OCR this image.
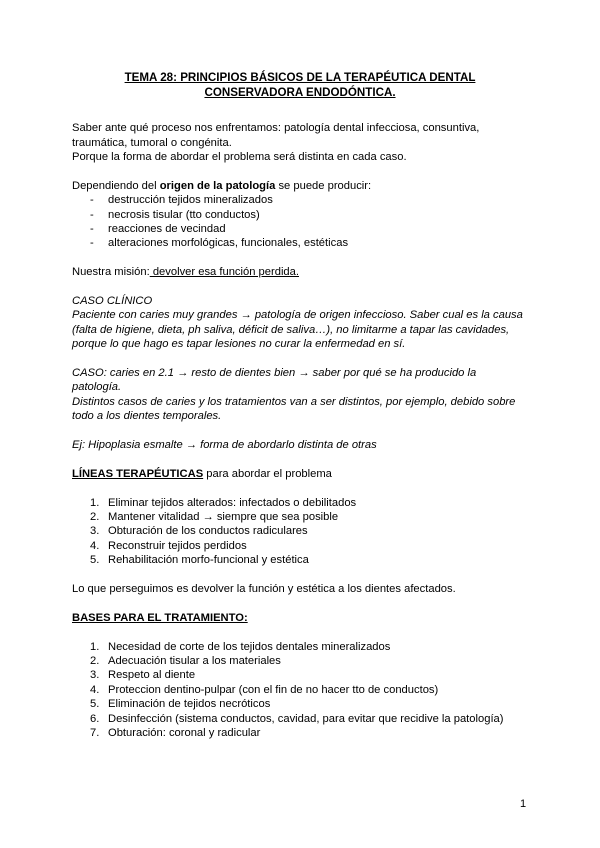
TEMA 28: PRINCIPIOS BÁSICOS DE LA TERAPÉUTICA DENTAL

CONSERVADORA ENDODÓNTICA.

Saber ante qué proceso nos enfrentamos: patología dental infecciosa, consuntiva, traumática, tumoral o congénita.

Porque la forma de abordar el problema será distinta en cada caso.

Dependiendo del origen de la patología se puede producir:

- destrucción tejidos mineralizados
- necrosis tisular (tto conductos)
- reacciones de vecindad
- alteraciones morfológicas, funcionales, estéticas

Nuestra misión: devolver esa función perdida.

CASO CLÍNICO

Paciente con caries muy grandes → patología de origen infeccioso. Saber cual es la causa (falta de higiene, dieta, ph saliva, déficit de saliva…), no limitarme a tapar las cavidades, porque lo que hago es tapar lesiones no curar la enfermedad en sí.

CASO: caries en 2.1 → resto de dientes bien → saber por qué se ha producido la patología.

Distintos casos de caries y los tratamientos van a ser distintos, por ejemplo, debido sobre todo a los dientes temporales.

Ej: Hipoplasia esmalte → forma de abordarlo distinta de otras

LÍNEAS TERAPÉUTICAS para abordar el problema

1. Eliminar tejidos alterados: infectados o debilitados
2. Mantener vitalidad → siempre que sea posible
3. Obturación de los conductos radiculares
4. Reconstruir tejidos perdidos
5. Rehabilitación morfo-funcional y estética

Lo que perseguimos es devolver la función y estética a los dientes afectados.

BASES PARA EL TRATAMIENTO:

1. Necesidad de corte de los tejidos dentales mineralizados
2. Adecuación tisular a los materiales
3. Respeto al diente
4. Proteccion dentino-pulpar (con el fin de no hacer tto de conductos)
5. Eliminación de tejidos necróticos
6. Desinfección (sistema conductos, cavidad, para evitar que recidive la patología)
7. Obturación: coronal y radicular
1
